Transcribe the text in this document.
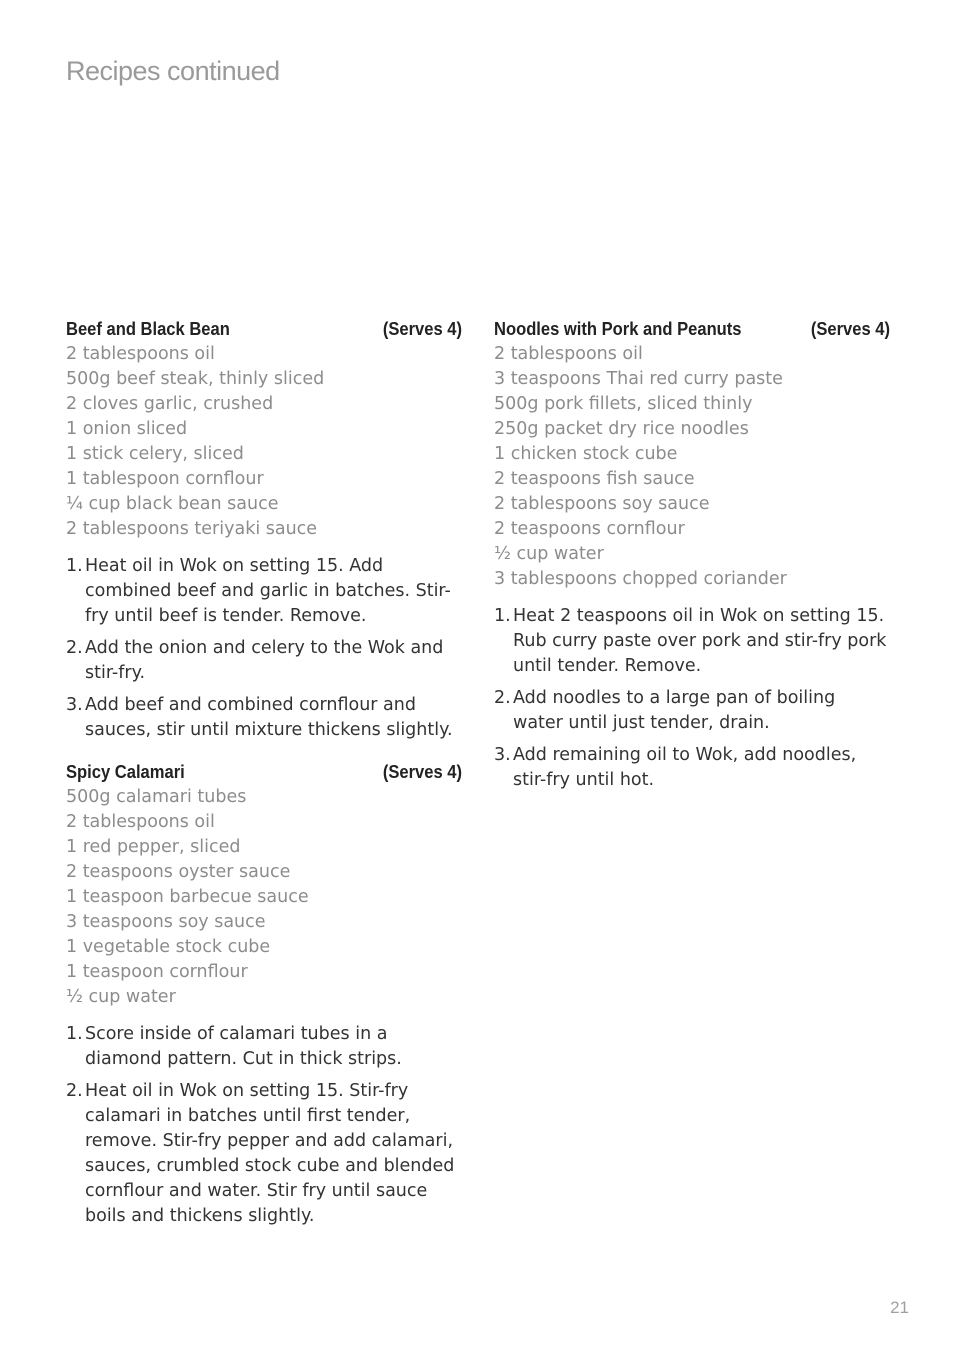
Recipes continued
Beef and Black Bean	(Serves 4)
2 tablespoons oil
500g beef steak, thinly sliced
2 cloves garlic, crushed
1 onion sliced
1 stick celery, sliced
1 tablespoon cornflour
¼ cup black bean sauce
2 tablespoons teriyaki sauce
1. Heat oil in Wok on setting 15. Add combined beef and garlic in batches. Stir-fry until beef is tender. Remove.
2. Add the onion and celery to the Wok and stir-fry.
3. Add beef and combined cornflour and sauces, stir until mixture thickens slightly.
Spicy Calamari	(Serves 4)
500g calamari tubes
2 tablespoons oil
1 red pepper, sliced
2 teaspoons oyster sauce
1 teaspoon barbecue sauce
3 teaspoons soy sauce
1 vegetable stock cube
1 teaspoon cornflour
½ cup water
1. Score inside of calamari tubes in a diamond pattern. Cut in thick strips.
2. Heat oil in Wok on setting 15. Stir-fry calamari in batches until first tender, remove. Stir-fry pepper and add calamari, sauces, crumbled stock cube and blended cornflour and water. Stir fry until sauce boils and thickens slightly.
Noodles with Pork and Peanuts	(Serves 4)
2 tablespoons oil
3 teaspoons Thai red curry paste
500g pork fillets, sliced thinly
250g packet dry rice noodles
1 chicken stock cube
2 teaspoons fish sauce
2 tablespoons soy sauce
2 teaspoons cornflour
½ cup water
3 tablespoons chopped coriander
1. Heat 2 teaspoons oil in Wok on setting 15. Rub curry paste over pork and stir-fry pork until tender. Remove.
2. Add noodles to a large pan of boiling water until just tender, drain.
3. Add remaining oil to Wok, add noodles, stir-fry until hot.
21
